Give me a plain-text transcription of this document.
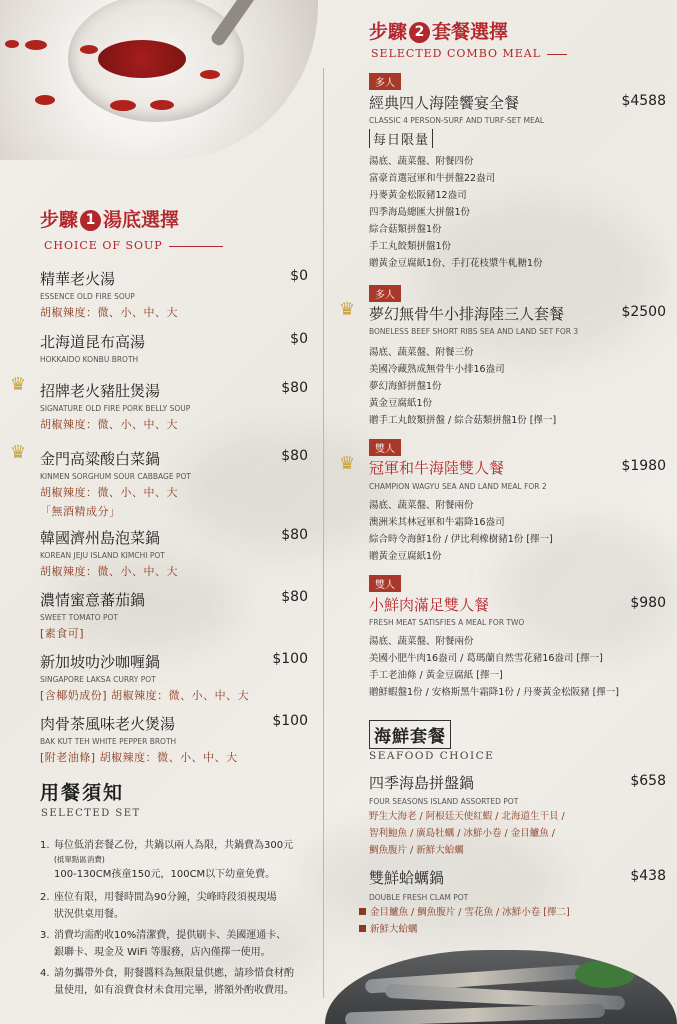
步驟 1 湯底選擇
CHOICE OF SOUP
精華老火湯	$0
ESSENCE OLD FIRE SOUP
胡椒辣度：微、小、中、大
北海道昆布高湯	$0
HOKKAIDO KONBU BROTH
♛ 招牌老火豬肚煲湯	$80
SIGNATURE OLD FIRE PORK BELLY SOUP
胡椒辣度：微、小、中、大
♛ 金門高粱酸白菜鍋	$80
KINMEN SORGHUM SOUR CABBAGE POT
胡椒辣度：微、小、中、大
「無酒精成分」
韓國濟州島泡菜鍋	$80
KOREAN JEJU ISLAND KIMCHI POT
胡椒辣度：微、小、中、大
濃情蜜意蕃茄鍋	$80
SWEET TOMATO POT
[素食可]
新加坡叻沙咖喱鍋	$100
SINGAPORE LAKSA CURRY POT
[含椰奶成份] 胡椒辣度：微、小、中、大
肉骨茶風味老火煲湯	$100
BAK KUT TEH WHITE PEPPER BROTH
[附老油條] 胡椒辣度：微、小、中、大
用餐須知
SELECTED SET
1. 每位低消套餐乙份，共鍋以兩人為限，共鍋費為300元
(抵單點區消費)
100-130CM孩童150元，100CM以下幼童免費。
2. 座位有限，用餐時間為90分鐘，尖峰時段須視現場
狀況供桌用餐。
3. 消費均需酌收10%清潔費，提供刷卡、美國運通卡、
銀聯卡、現金及 WiFi 等服務，店內僅擇一使用。
4. 請勿攜帶外食，附餐醬料為無限量供應，請珍惜食材酌
量使用，如有浪費食材未食用完畢，將額外酌收費用。
步驟 2 套餐選擇
SELECTED COMBO MEAL
多人
經典四人海陸饗宴全餐	$4588
CLASSIC 4 PERSON-SURF AND TURF-SET MEAL
每日限量
湯底、蔬菜盤、附餐四份
富豪首選冠軍和牛拼盤22盎司
丹麥黃金松阪豬12盎司
四季海島總匯大拼盤1份
綜合菇類拼盤1份
手工丸餃類拼盤1份
贈黃金豆腐紙1份、手打花枝漿牛軋糖1份
多人
♛ 夢幻無骨牛小排海陸三人套餐	$2500
BONELESS BEEF SHORT RIBS SEA AND LAND SET FOR 3
湯底、蔬菜盤、附餐三份
美國冷藏熟成無骨牛小排16盎司
夢幻海鮮拼盤1份
黃金豆腐紙1份
贈手工丸餃類拼盤 / 綜合菇類拼盤1份 [擇一]
雙人
♛ 冠軍和牛海陸雙人餐	$1980
CHAMPION WAGYU SEA AND LAND MEAL FOR 2
湯底、蔬菜盤、附餐兩份
澳洲米其林冠軍和牛霜降16盎司
綜合時令海鮮1份 / 伊比利橡樹豬1份 [擇一]
贈黃金豆腐紙1份
雙人
小鮮肉滿足雙人餐	$980
FRESH MEAT SATISFIES A MEAL FOR TWO
湯底、蔬菜盤、附餐兩份
美國小肥牛肉16盎司 / 葛瑪蘭自然雪花豬16盎司 [擇一]
手工老油條 / 黃金豆腐紙 [擇一]
贈鮮蝦盤1份 / 安格斯黑牛霜降1份 / 丹麥黃金松阪豬 [擇一]
海鮮套餐
SEAFOOD CHOICE
四季海島拼盤鍋	$658
FOUR SEASONS ISLAND ASSORTED POT
野生大海老 / 阿根廷天使紅蝦 / 北海道生干貝 /
智利鮑魚 / 廣島牡蠣 / 冰鮮小卷 / 金目鱸魚 /
鯛魚腹片 / 新鮮大蛤蠣
雙鮮蛤蠣鍋	$438
DOUBLE FRESH CLAM POT
金目鱸魚 / 鯛魚腹片 / 雪花魚 / 冰鮮小卷 [擇二]
新鮮大蛤蠣
